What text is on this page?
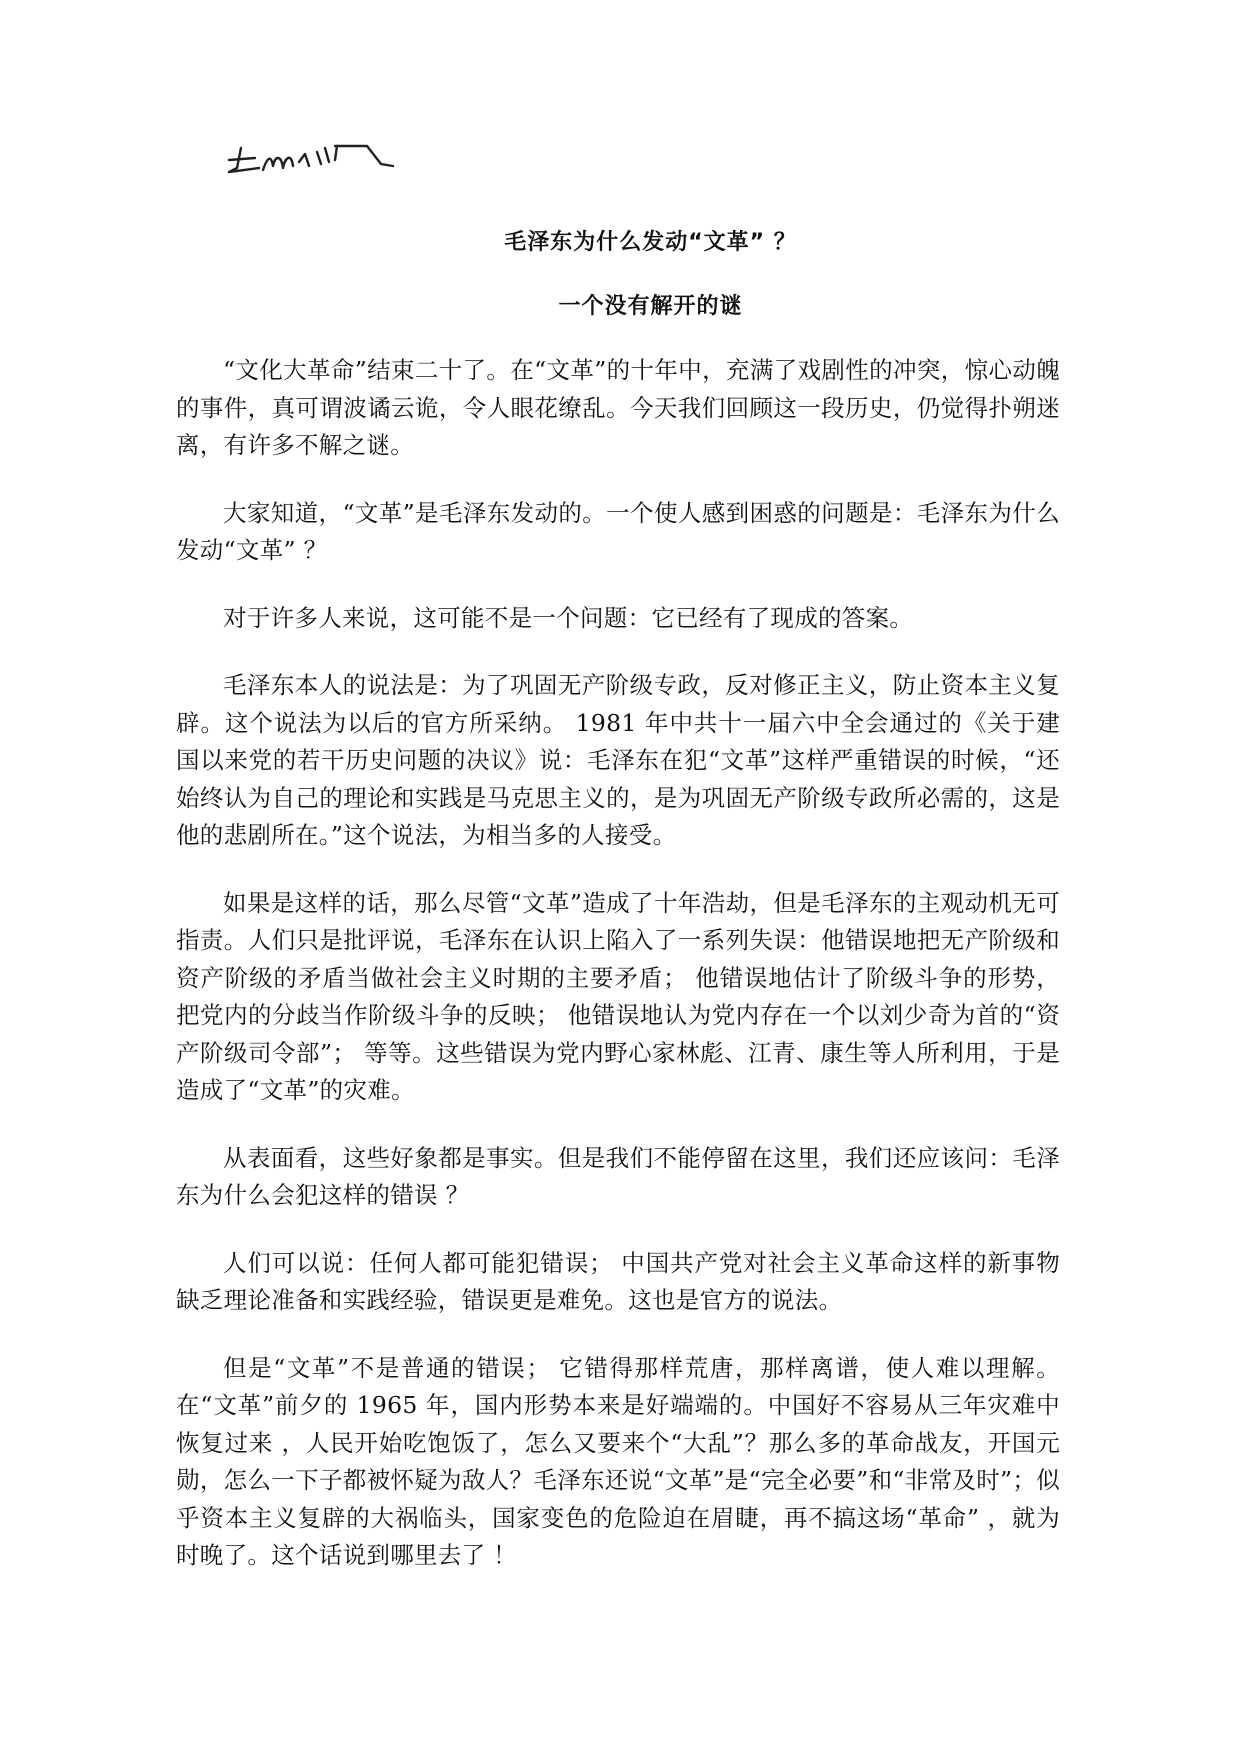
毛泽东为什么发动“文革” ？
一个没有解开的谜

“文化大革命”结束二十了。在“文革”的十年中，充满了戏剧性的冲突，惊心动魄的事件，真可谓波谲云诡，令人眼花缭乱。今天我们回顾这一段历史，仍觉得扑朔迷离，有许多不解之谜。

大家知道，“文革”是毛泽东发动的。一个使人感到困惑的问题是：毛泽东为什么发动“文革” ？

对于许多人来说，这可能不是一个问题：它已经有了现成的答案。

毛泽东本人的说法是：为了巩固无产阶级专政，反对修正主义，防止资本主义复辟。这个说法为以后的官方所采纳。 1981 年中共十一届六中全会通过的《关于建国以来党的若干历史问题的决议》说：毛泽东在犯“文革”这样严重错误的时候，“还始终认为自己的理论和实践是马克思主义的，是为巩固无产阶级专政所必需的，这是他的悲剧所在。”这个说法，为相当多的人接受。

如果是这样的话，那么尽管“文革”造成了十年浩劫，但是毛泽东的主观动机无可指责。人们只是批评说，毛泽东在认识上陷入了一系列失误：他错误地把无产阶级和资产阶级的矛盾当做社会主义时期的主要矛盾； 他错误地估计了阶级斗争的形势，把党内的分歧当作阶级斗争的反映； 他错误地认为党内存在一个以刘少奇为首的“资产阶级司令部”； 等等。这些错误为党内野心家林彪、江青、康生等人所利用，于是造成了“文革”的灾难。

从表面看，这些好象都是事实。但是我们不能停留在这里，我们还应该问：毛泽东为什么会犯这样的错误 ？

人们可以说：任何人都可能犯错误； 中国共产党对社会主义革命这样的新事物缺乏理论准备和实践经验，错误更是难免。这也是官方的说法。

但是“文革”不是普通的错误； 它错得那样荒唐，那样离谱，使人难以理解。在“文革”前夕的 1965 年，国内形势本来是好端端的。中国好不容易从三年灾难中恢复过来 ，人民开始吃饱饭了，怎么又要来个“大乱”？那么多的革命战友，开国元勋，怎么一下子都被怀疑为敌人？毛泽东还说“文革”是“完全必要”和“非常及时”；似乎资本主义复辟的大祸临头，国家变色的危险迫在眉睫，再不搞这场“革命” ，就为时晚了。这个话说到哪里去了 ！
